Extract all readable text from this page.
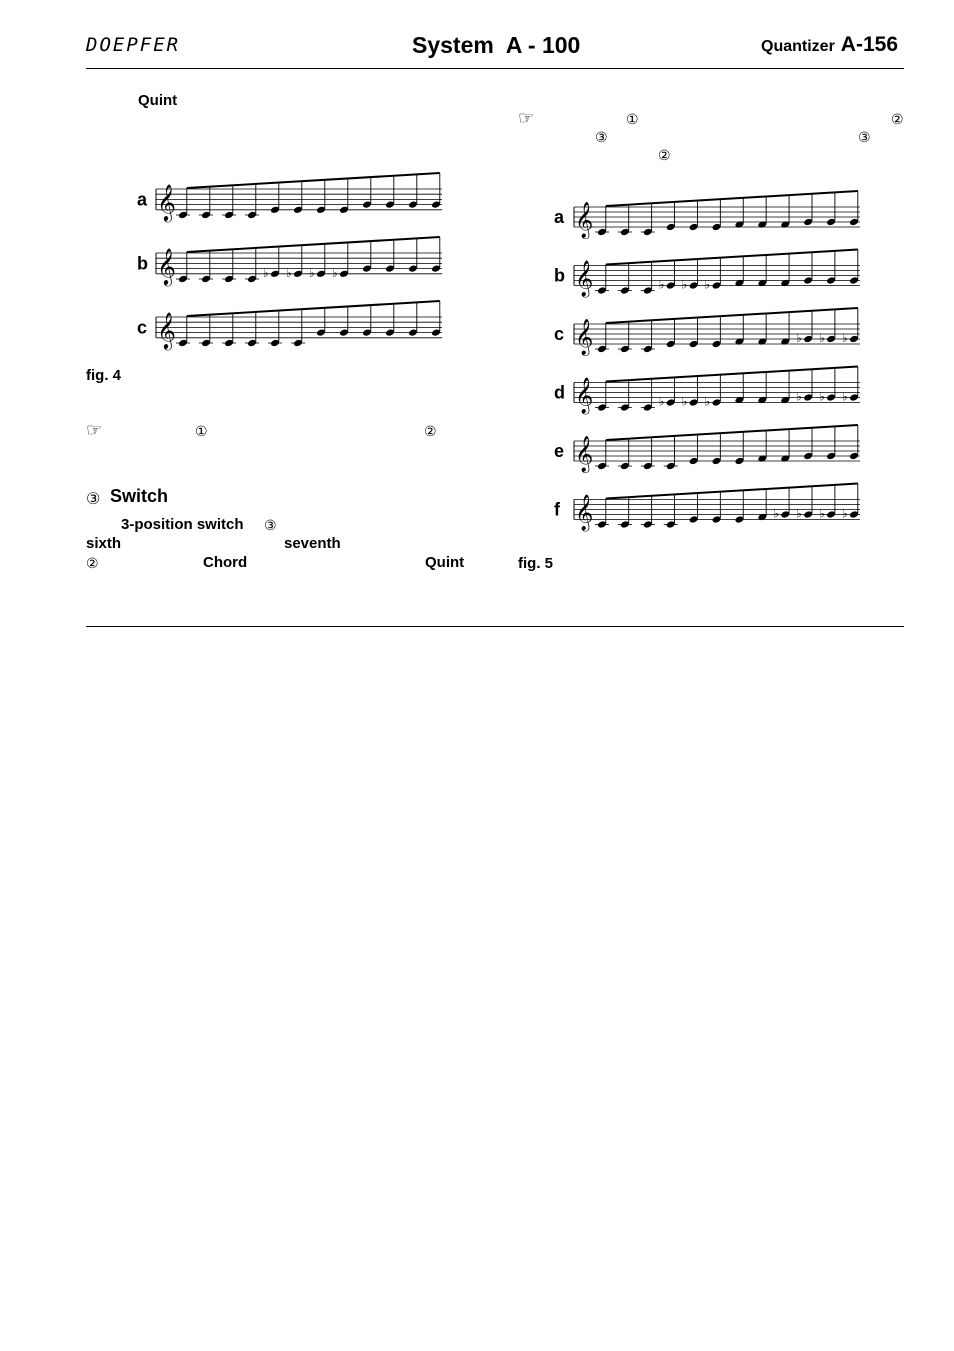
DOEPFER	System  A - 100	Quantizer A-156
Quint
a 𝄞
b 𝄞	♭ ♭ ♭ ♭
c 𝄞
fig. 4
☞	①	②
③ Switch
3-position switch ③
sixth	seventh
②	Chord	Quint
☞	①	②
③	③
②
a 𝄞
b 𝄞	♭ ♭ ♭
c 𝄞	♭ ♭ ♭
d 𝄞	♭ ♭ ♭	♭ ♭ ♭
e 𝄞
f 𝄞	♭ ♭ ♭ ♭
fig. 5
